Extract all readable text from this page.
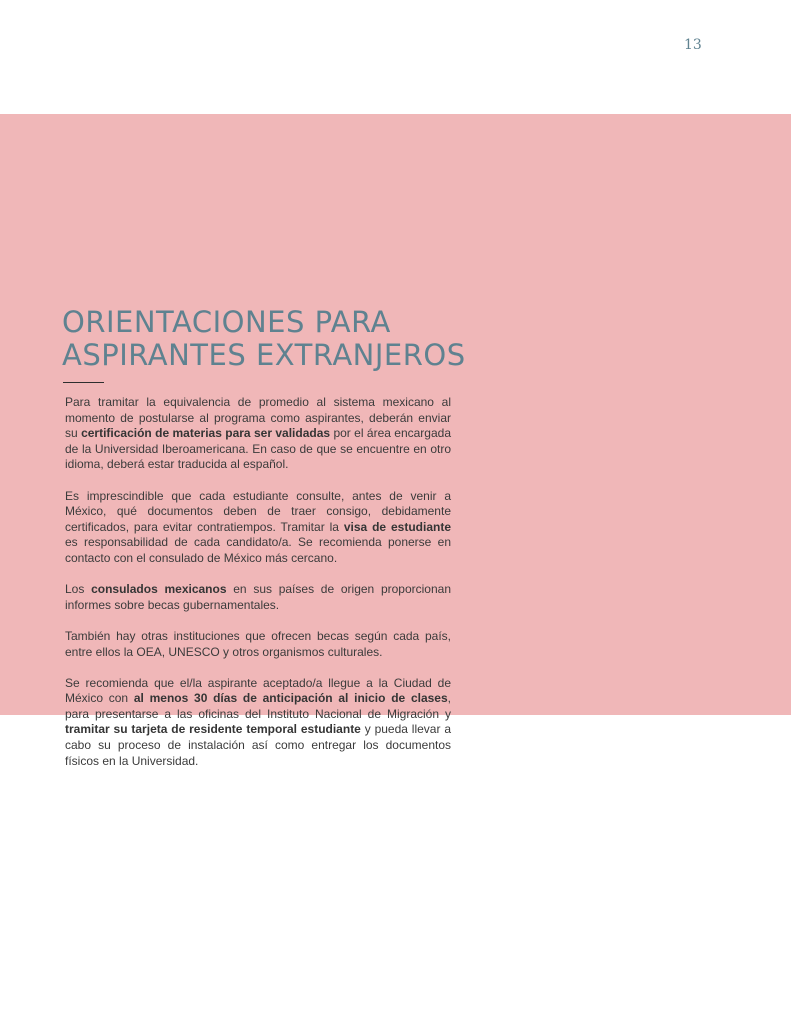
13
ORIENTACIONES PARA
ASPIRANTES EXTRANJEROS

Para tramitar la equivalencia de promedio al sistema mexicano al momento de postularse al programa como aspirantes, deberán enviar su certificación de materias para ser validadas por el área encargada de la Universidad Iberoamericana. En caso de que se encuentre en otro idioma, deberá estar traducida al español.

Es imprescindible que cada estudiante consulte, antes de venir a México, qué documentos deben de traer consigo, debidamente certificados, para evitar contratiempos. Tramitar la visa de estudiante es responsabilidad de cada candidato/a. Se recomienda ponerse en contacto con el consulado de México más cercano.

Los consulados mexicanos en sus países de origen proporcionan informes sobre becas gubernamentales.

También hay otras instituciones que ofrecen becas según cada país, entre ellos la OEA, UNESCO y otros organismos culturales.

Se recomienda que el/la aspirante aceptado/a llegue a la Ciudad de México con al menos 30 días de anticipación al inicio de clases, para presentarse a las oficinas del Instituto Nacional de Migración y tramitar su tarjeta de residente temporal estudiante y pueda llevar a cabo su proceso de instalación así como entregar los documentos físicos en la Universidad.
